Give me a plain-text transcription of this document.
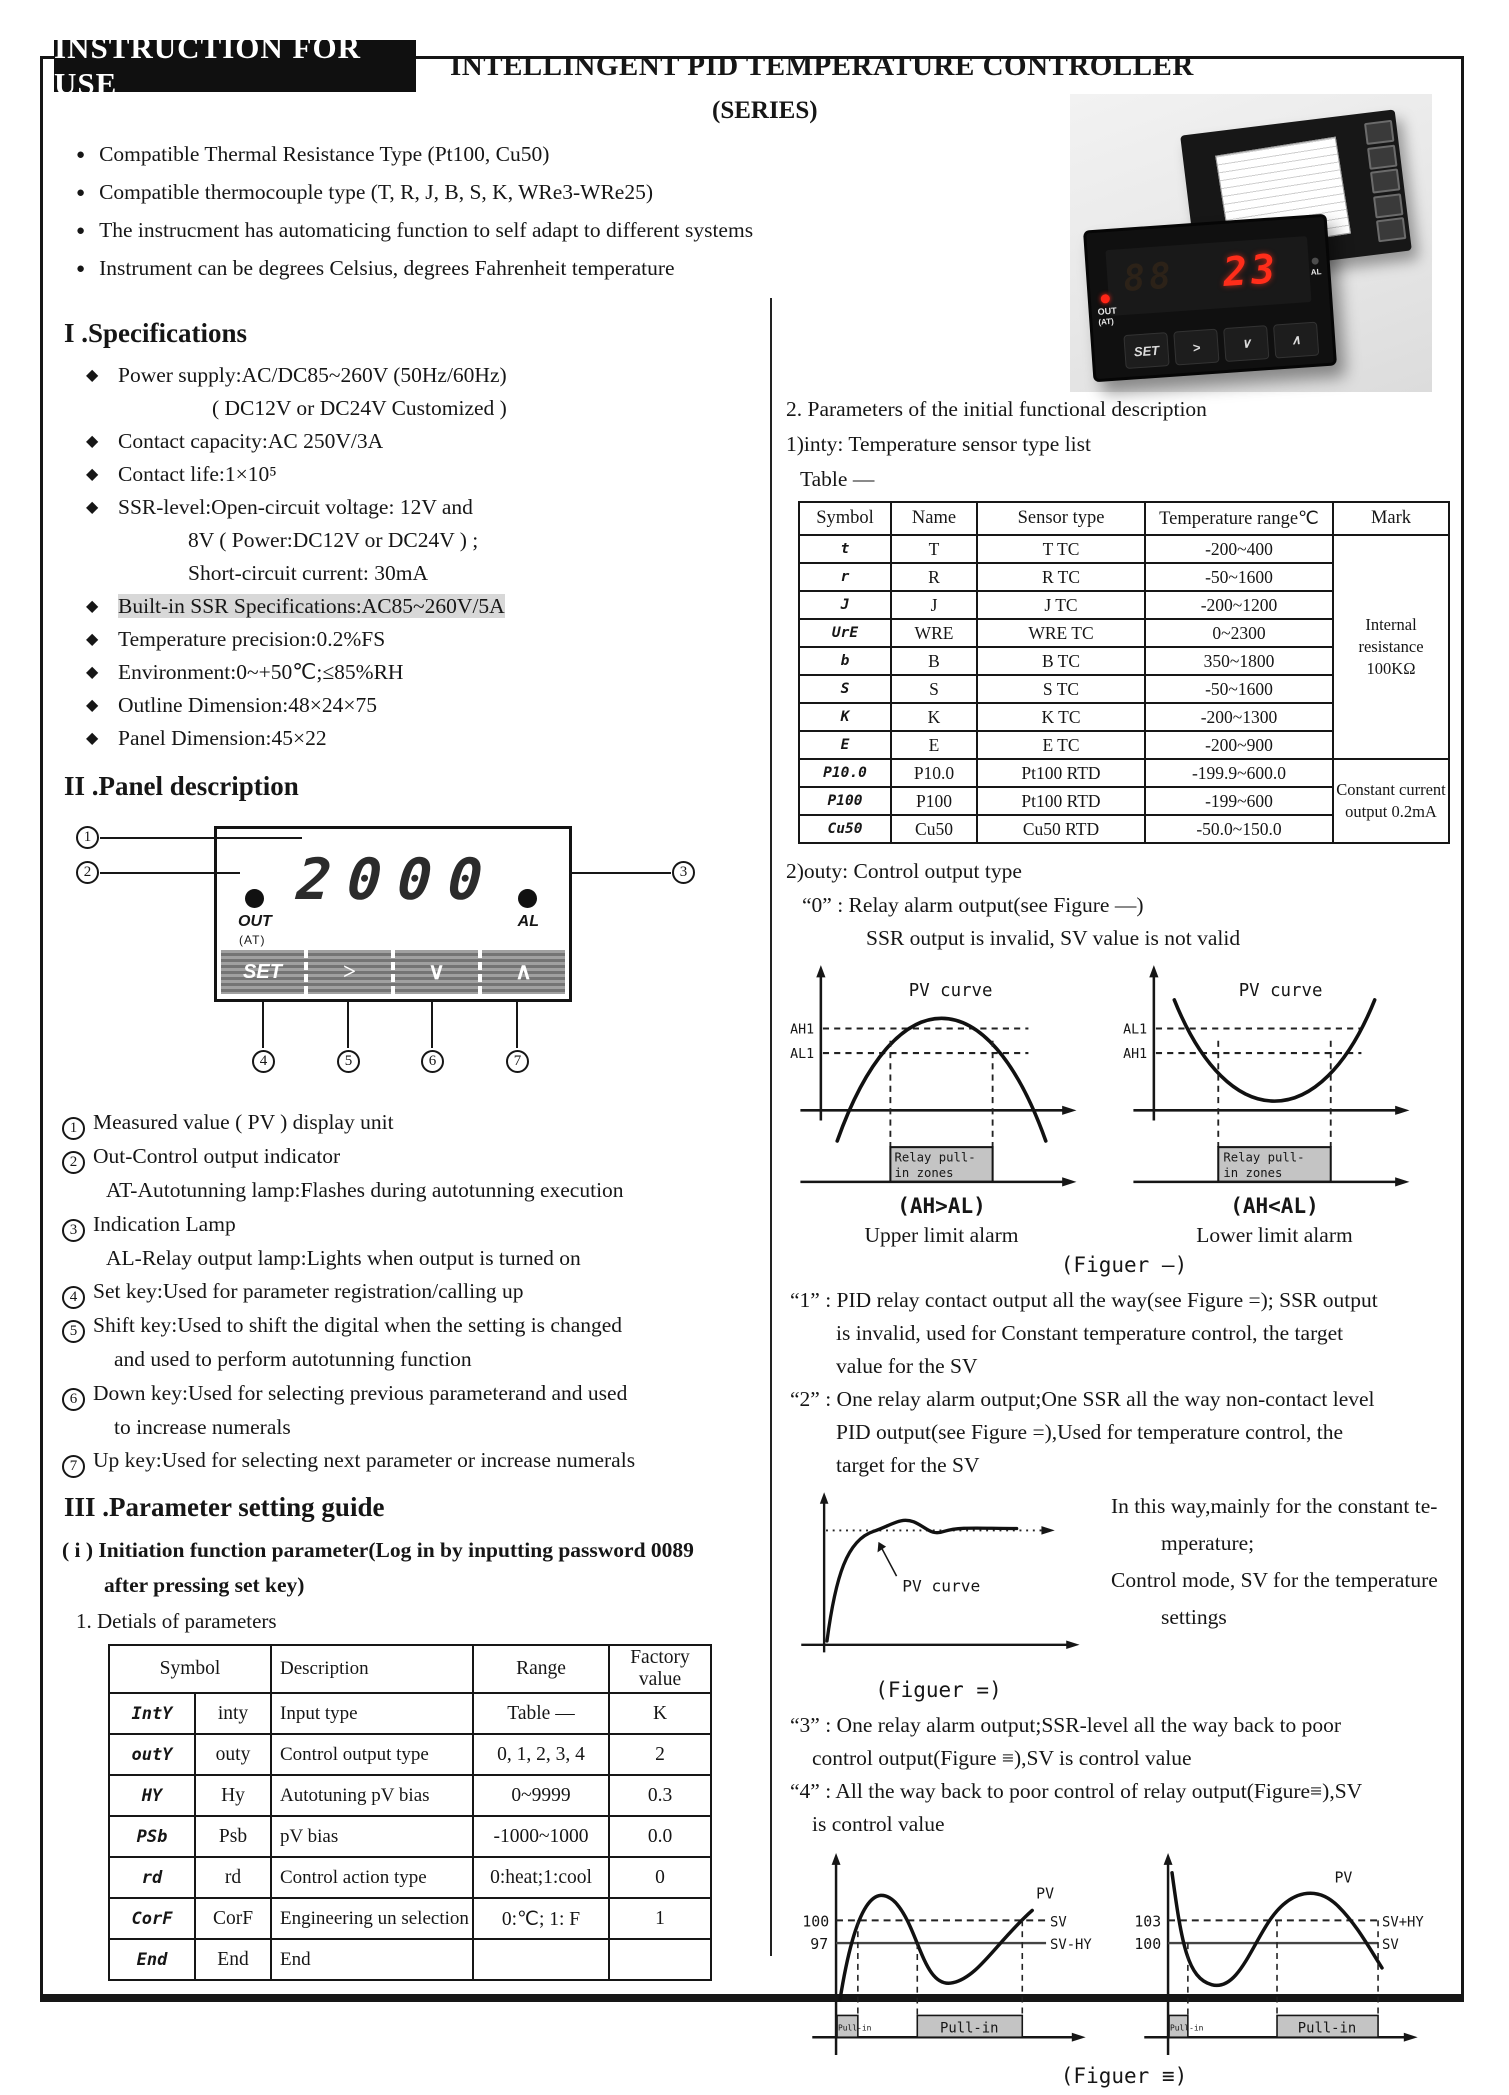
INSTRUCTION FOR USE	INTELLINGENT PID TEMPERATURE CONTROLLER
(SERIES)
88 23
OUT
(AT)
AL
SET	>	∨	∧
● Compatible Thermal Resistance Type (Pt100, Cu50)
● Compatible thermocouple type (T, R, J, B, S, K, WRe3-WRe25)
● The instrucment has automaticing function to self adapt to different systems
● Instrument can be degrees Celsius, degrees Fahrenheit temperature
I .Specifications
◆ Power supply:AC/DC85~260V (50Hz/60Hz)
( DC12V or DC24V Customized )
◆ Contact capacity:AC 250V/3A
◆ Contact life:1×10⁵
◆ SSR-level:Open-circuit voltage: 12V and
8V ( Power:DC12V or DC24V ) ;
Short-circuit current: 30mA
◆ Built-in SSR Specifications:AC85~260V/5A
◆ Temperature precision:0.2%FS
◆ Environment:0~+50℃;≤85%RH
◆ Outline Dimension:48×24×75
◆ Panel Dimension:45×22
II .Panel description
2000
OUT
(AT)
AL
SET	>	∨	∧
1
2	3
4	5	6	7
1 Measured value ( PV ) display unit
2 Out-Control output indicator
AT-Autotunning lamp:Flashes during autotunning execution
3 Indication Lamp
AL-Relay output lamp:Lights when output is turned on
4 Set key:Used for parameter registration/calling up
5 Shift key:Used to shift the digital when the setting is changed
and used to perform autotunning function
6 Down key:Used for selecting previous parameterand and used
to increase numerals
7 Up key:Used for selecting next parameter or increase numerals
III .Parameter setting guide
( i ) Initiation function parameter(Log in by inputting password 0089
after pressing set key)
1. Detials of parameters
Symbol		Description	Range	Factory value
IntY	inty	Input type	Table —	K
outY	outy	Control output type	0, 1, 2, 3, 4	2
HY	Hy	Autotuning pV bias	0~9999	0.3
PSb	Psb	pV bias	-1000~1000	0.0
rd	rd	Control action type	0:heat;1:cool	0
CorF	CorF	Engineering un selection	0:℃; 1: F	1
End	End	End		
2. Parameters of the initial functional description
1)inty: Temperature sensor type list
Table —
Symbol	Name	Sensor type	Temperature range℃	Mark
t	T	T TC	-200~400	Internal resistance 100KΩ
r	R	R TC	-50~1600	
J	J	J TC	-200~1200	
UrE	WRE	WRE TC	0~2300	
b	B	B TC	350~1800	
S	S	S TC	-50~1600	
K	K	K TC	-200~1300	
E	E	E TC	-200~900	
P10.0	P10.0	Pt100 RTD	-199.9~600.0	Constant current output 0.2mA
P100	P100	Pt100 RTD	-199~600	
Cu50	Cu50	Cu50 RTD	-50.0~150.0	
2)outy: Control output type
“0” : Relay alarm output(see Figure —)
SSR output is invalid, SV value is not valid
PV curve
AH1
AL1
Relay pull-
in zones
(AH>AL)
Upper limit alarm
PV curve
AL1
AH1
Relay pull-
in zones
(AH<AL)
Lower limit alarm
(Figuer —)
“1” : PID relay contact output all the way(see Figure =); SSR output
is invalid, used for Constant temperature control, the target
value for the SV
“2” : One relay alarm output;One SSR all the way non-contact level
PID output(see Figure =),Used for temperature control, the
target for the SV
PV curve
(Figuer =)
In this way,mainly for the constant te-
mperature;
Control mode, SV for the temperature
settings
“3” : One relay alarm output;SSR-level all the way back to poor
control output(Figure ≡),SV is control value
“4” : All the way back to poor control of relay output(Figure≡),SV
is control value
100
97
SV
SV-HY
PV
Pull-in	Pull-in
103
100
SV+HY
SV
PV
Pull-in	Pull-in
(Figuer ≡)
